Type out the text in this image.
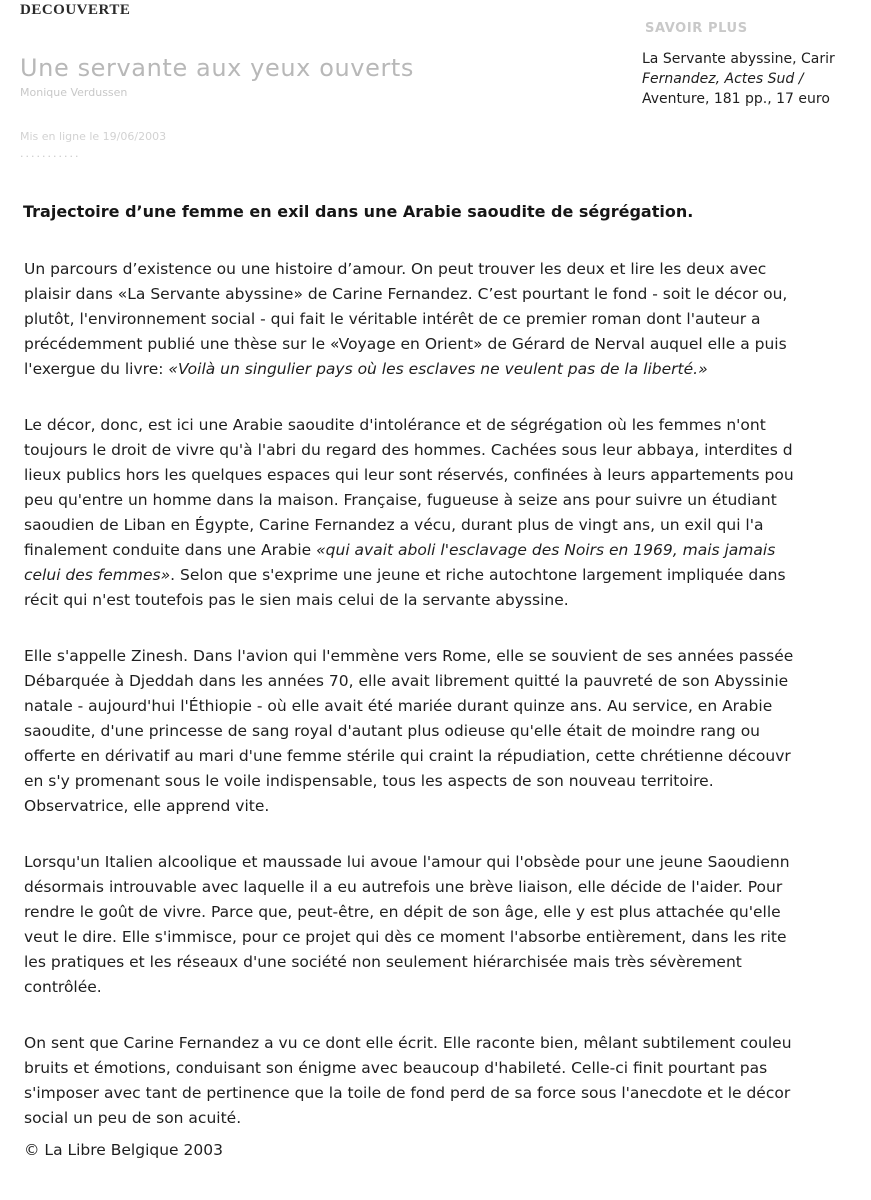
DECOUVERTE
Une servante aux yeux ouverts
Monique Verdussen
Mis en ligne le 19/06/2003
...........
SAVOIR PLUS
La Servante abyssine, Carir
Fernandez, Actes Sud /
Aventure, 181 pp., 17 euro
Trajectoire d’une femme en exil dans une Arabie saoudite de ségrégation.
Un parcours d’existence ou une histoire d’amour. On peut trouver les deux et lire les deux avec
plaisir dans «La Servante abyssine» de Carine Fernandez. C’est pourtant le fond - soit le décor ou,
plutôt, l'environnement social - qui fait le véritable intérêt de ce premier roman dont l'auteur a
précédemment publié une thèse sur le «Voyage en Orient» de Gérard de Nerval auquel elle a puis
l'exergue du livre: «Voilà un singulier pays où les esclaves ne veulent pas de la liberté.»
Le décor, donc, est ici une Arabie saoudite d'intolérance et de ségrégation où les femmes n'ont
toujours le droit de vivre qu'à l'abri du regard des hommes. Cachées sous leur abbaya, interdites d
lieux publics hors les quelques espaces qui leur sont réservés, confinées à leurs appartements pou
peu qu'entre un homme dans la maison. Française, fugueuse à seize ans pour suivre un étudiant
saoudien de Liban en Égypte, Carine Fernandez a vécu, durant plus de vingt ans, un exil qui l'a
finalement conduite dans une Arabie «qui avait aboli l'esclavage des Noirs en 1969, mais jamais
celui des femmes». Selon que s'exprime une jeune et riche autochtone largement impliquée dans
récit qui n'est toutefois pas le sien mais celui de la servante abyssine.
Elle s'appelle Zinesh. Dans l'avion qui l'emmène vers Rome, elle se souvient de ses années passée
Débarquée à Djeddah dans les années 70, elle avait librement quitté la pauvreté de son Abyssinie
natale - aujourd'hui l'Éthiopie - où elle avait été mariée durant quinze ans. Au service, en Arabie
saoudite, d'une princesse de sang royal d'autant plus odieuse qu'elle était de moindre rang ou
offerte en dérivatif au mari d'une femme stérile qui craint la répudiation, cette chrétienne découvr
en s'y promenant sous le voile indispensable, tous les aspects de son nouveau territoire.
Observatrice, elle apprend vite.
Lorsqu'un Italien alcoolique et maussade lui avoue l'amour qui l'obsède pour une jeune Saoudienn
désormais introuvable avec laquelle il a eu autrefois une brève liaison, elle décide de l'aider. Pour
rendre le goût de vivre. Parce que, peut-être, en dépit de son âge, elle y est plus attachée qu'elle
veut le dire. Elle s'immisce, pour ce projet qui dès ce moment l'absorbe entièrement, dans les rite
les pratiques et les réseaux d'une société non seulement hiérarchisée mais très sévèrement
contrôlée.
On sent que Carine Fernandez a vu ce dont elle écrit. Elle raconte bien, mêlant subtilement couleu
bruits et émotions, conduisant son énigme avec beaucoup d'habileté. Celle-ci finit pourtant pas
s'imposer avec tant de pertinence que la toile de fond perd de sa force sous l'anecdote et le décor
social un peu de son acuité.
© La Libre Belgique 2003
